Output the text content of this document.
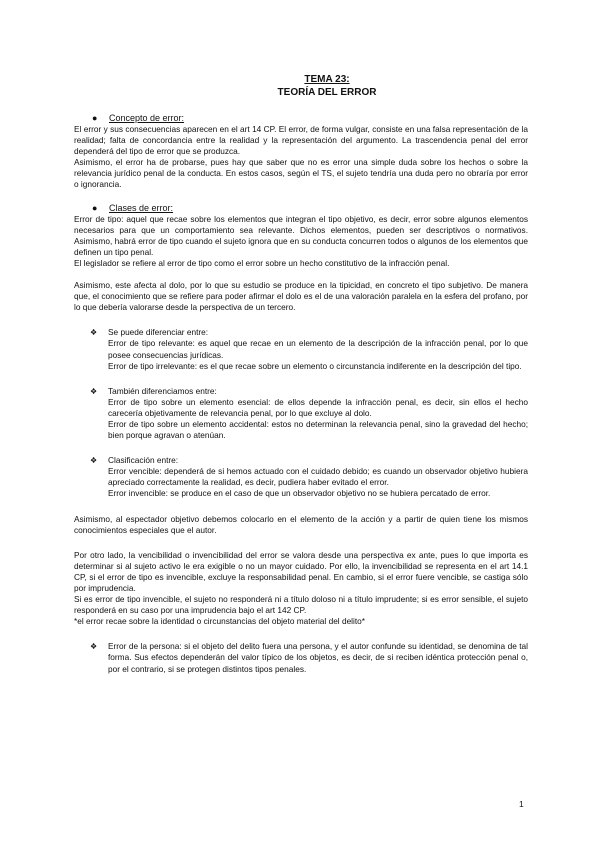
TEMA 23:
TEORÍA DEL ERROR
● Concepto de error:

El error y sus consecuencias aparecen en el art 14 CP. El error, de forma vulgar, consiste en una falsa representación de la realidad; falta de concordancia entre la realidad y la representación del argumento. La trascendencia penal del error dependerá del tipo de error que se produzca.

Asimismo, el error ha de probarse, pues hay que saber que no es error una simple duda sobre los hechos o sobre la relevancia jurídico penal de la conducta. En estos casos, según el TS, el sujeto tendría una duda pero no obraría por error o ignorancia.

● Clases de error:

Error de tipo: aquel que recae sobre los elementos que integran el tipo objetivo, es decir, error sobre algunos elementos necesarios para que un comportamiento sea relevante. Dichos elementos, pueden ser descriptivos o normativos. Asimismo, habrá error de tipo cuando el sujeto ignora que en su conducta concurren todos o algunos de los elementos que definen un tipo penal.

El legislador se refiere al error de tipo como el error sobre un hecho constitutivo de la infracción penal.

Asimismo, este afecta al dolo, por lo que su estudio se produce en la tipicidad, en concreto el tipo subjetivo. De manera que, el conocimiento que se refiere para poder afirmar el dolo es el de una valoración paralela en la esfera del profano, por lo que debería valorarse desde la perspectiva de un tercero.

❖ Se puede diferenciar entre:

Error de tipo relevante: es aquel que recae en un elemento de la descripción de la infracción penal, por lo que posee consecuencias jurídicas.

Error de tipo irrelevante: es el que recae sobre un elemento o circunstancia indiferente en la descripción del tipo.

❖ También diferenciamos entre:

Error de tipo sobre un elemento esencial: de ellos depende la infracción penal, es decir, sin ellos el hecho carecería objetivamente de relevancia penal, por lo que excluye al dolo.

Error de tipo sobre un elemento accidental: estos no determinan la relevancia penal, sino la gravedad del hecho; bien porque agravan o atenúan.

❖ Clasificación entre:

Error vencible: dependerá de si hemos actuado con el cuidado debido; es cuando un observador objetivo hubiera apreciado correctamente la realidad, es decir, pudiera haber evitado el error.

Error invencible: se produce en el caso de que un observador objetivo no se hubiera percatado de error.

Asimismo, al espectador objetivo debemos colocarlo en el elemento de la acción y a partir de quien tiene los mismos conocimientos especiales que el autor.

Por otro lado, la vencibilidad o invencibilidad del error se valora desde una perspectiva ex ante, pues lo que importa es determinar si al sujeto activo le era exigible o no un mayor cuidado. Por ello, la invencibilidad se representa en el art 14.1 CP, si el error de tipo es invencible, excluye la responsabilidad penal. En cambio, si el error fuere vencible, se castiga sólo por imprudencia.

Si es error de tipo invencible, el sujeto no responderá ni a título doloso ni a título imprudente; si es error sensible, el sujeto responderá en su caso por una imprudencia bajo el art 142 CP.

*el error recae sobre la identidad o circunstancias del objeto material del delito*

❖ Error de la persona: si el objeto del delito fuera una persona, y el autor confunde su identidad, se denomina de tal forma. Sus efectos dependerán del valor típico de los objetos, es decir, de si reciben idéntica protección penal o, por el contrario, si se protegen distintos tipos penales.

1
